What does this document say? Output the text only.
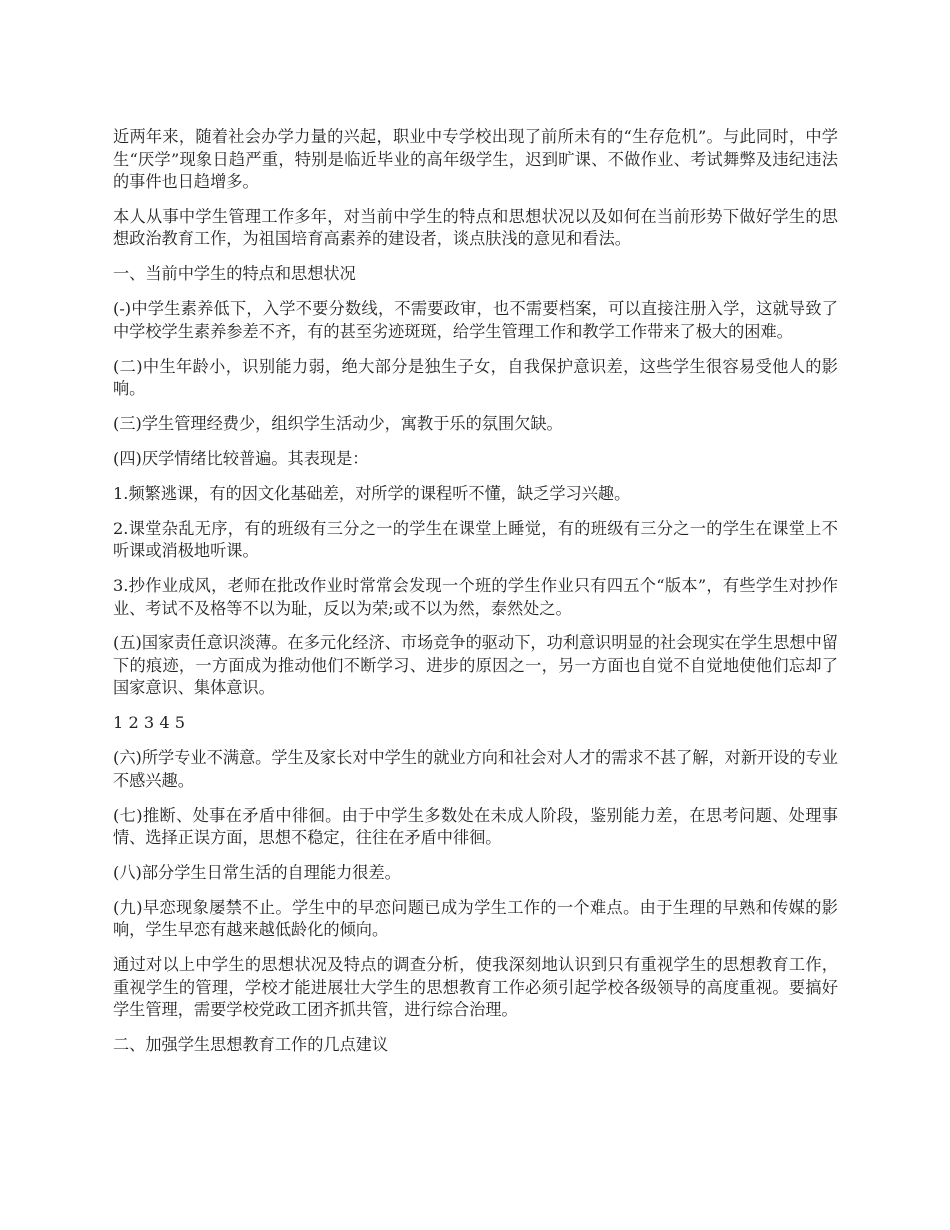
近两年来，随着社会办学力量的兴起，职业中专学校出现了前所未有的“生存危机”。与此同时，中学生“厌学”现象日趋严重，特别是临近毕业的高年级学生，迟到旷课、不做作业、考试舞弊及违纪违法的事件也日趋增多。

本人从事中学生管理工作多年，对当前中学生的特点和思想状况以及如何在当前形势下做好学生的思想政治教育工作，为祖国培育高素养的建设者，谈点肤浅的意见和看法。

一、当前中学生的特点和思想状况

(-)中学生素养低下，入学不要分数线，不需要政审，也不需要档案，可以直接注册入学，这就导致了中学校学生素养参差不齐，有的甚至劣迹斑斑，给学生管理工作和教学工作带来了极大的困难。

(二)中生年龄小，识别能力弱，绝大部分是独生子女，自我保护意识差，这些学生很容易受他人的影响。

(三)学生管理经费少，组织学生活动少，寓教于乐的氛围欠缺。

(四)厌学情绪比较普遍。其表现是：

1.频繁逃课，有的因文化基础差，对所学的课程听不懂，缺乏学习兴趣。

2.课堂杂乱无序，有的班级有三分之一的学生在课堂上睡觉，有的班级有三分之一的学生在课堂上不听课或消极地听课。

3.抄作业成风，老师在批改作业时常常会发现一个班的学生作业只有四五个“版本”，有些学生对抄作业、考试不及格等不以为耻，反以为荣;或不以为然，泰然处之。

(五)国家责任意识淡薄。在多元化经济、市场竞争的驱动下，功利意识明显的社会现实在学生思想中留下的痕迹，一方面成为推动他们不断学习、进步的原因之一，另一方面也自觉不自觉地使他们忘却了国家意识、集体意识。

1 2 3 4 5

(六)所学专业不满意。学生及家长对中学生的就业方向和社会对人才的需求不甚了解，对新开设的专业不感兴趣。

(七)推断、处事在矛盾中徘徊。由于中学生多数处在未成人阶段，鉴别能力差，在思考问题、处理事情、选择正误方面，思想不稳定，往往在矛盾中徘徊。

(八)部分学生日常生活的自理能力很差。

(九)早恋现象屡禁不止。学生中的早恋问题已成为学生工作的一个难点。由于生理的早熟和传媒的影响，学生早恋有越来越低龄化的倾向。

通过对以上中学生的思想状况及特点的调查分析，使我深刻地认识到只有重视学生的思想教育工作，重视学生的管理，学校才能进展壮大学生的思想教育工作必须引起学校各级领导的高度重视。要搞好学生管理，需要学校党政工团齐抓共管，进行综合治理。

二、加强学生思想教育工作的几点建议
